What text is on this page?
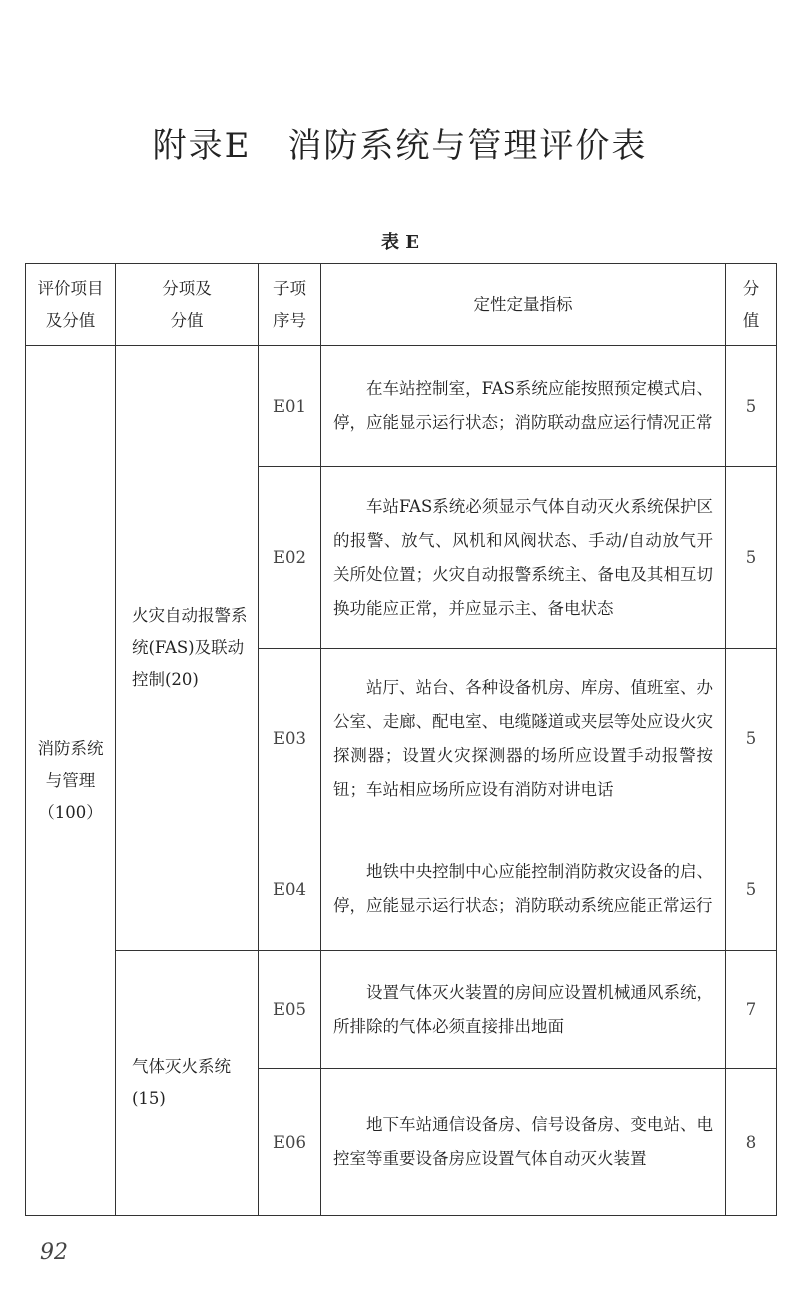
附录E　消防系统与管理评价表
表 E
评价项目及分值	分项及分值	子项序号	定性定量指标	分值

消防系统与管理（100）	火灾自动报警系统(FAS)及联动控制(20)	E01	在车站控制室，FAS系统应能按照预定模式启、停，应能显示运行状态；消防联动盘应运行情况正常	5
		E02	车站FAS系统必须显示气体自动灭火系统保护区的报警、放气、风机和风阀状态、手动/自动放气开关所处位置；火灾自动报警系统主、备电及其相互切换功能应正常，并应显示主、备电状态	5
		E03	站厅、站台、各种设备机房、库房、值班室、办公室、走廊、配电室、电缆隧道或夹层等处应设火灾探测器；设置火灾探测器的场所应设置手动报警按钮；车站相应场所应设有消防对讲电话	5
		E04	地铁中央控制中心应能控制消防救灾设备的启、停，应能显示运行状态；消防联动系统应能正常运行	5

	气体灭火系统(15)	E05	设置气体灭火装置的房间应设置机械通风系统，所排除的气体必须直接排出地面	7
		E06	地下车站通信设备房、信号设备房、变电站、电控室等重要设备房应设置气体自动灭火装置	8
92
